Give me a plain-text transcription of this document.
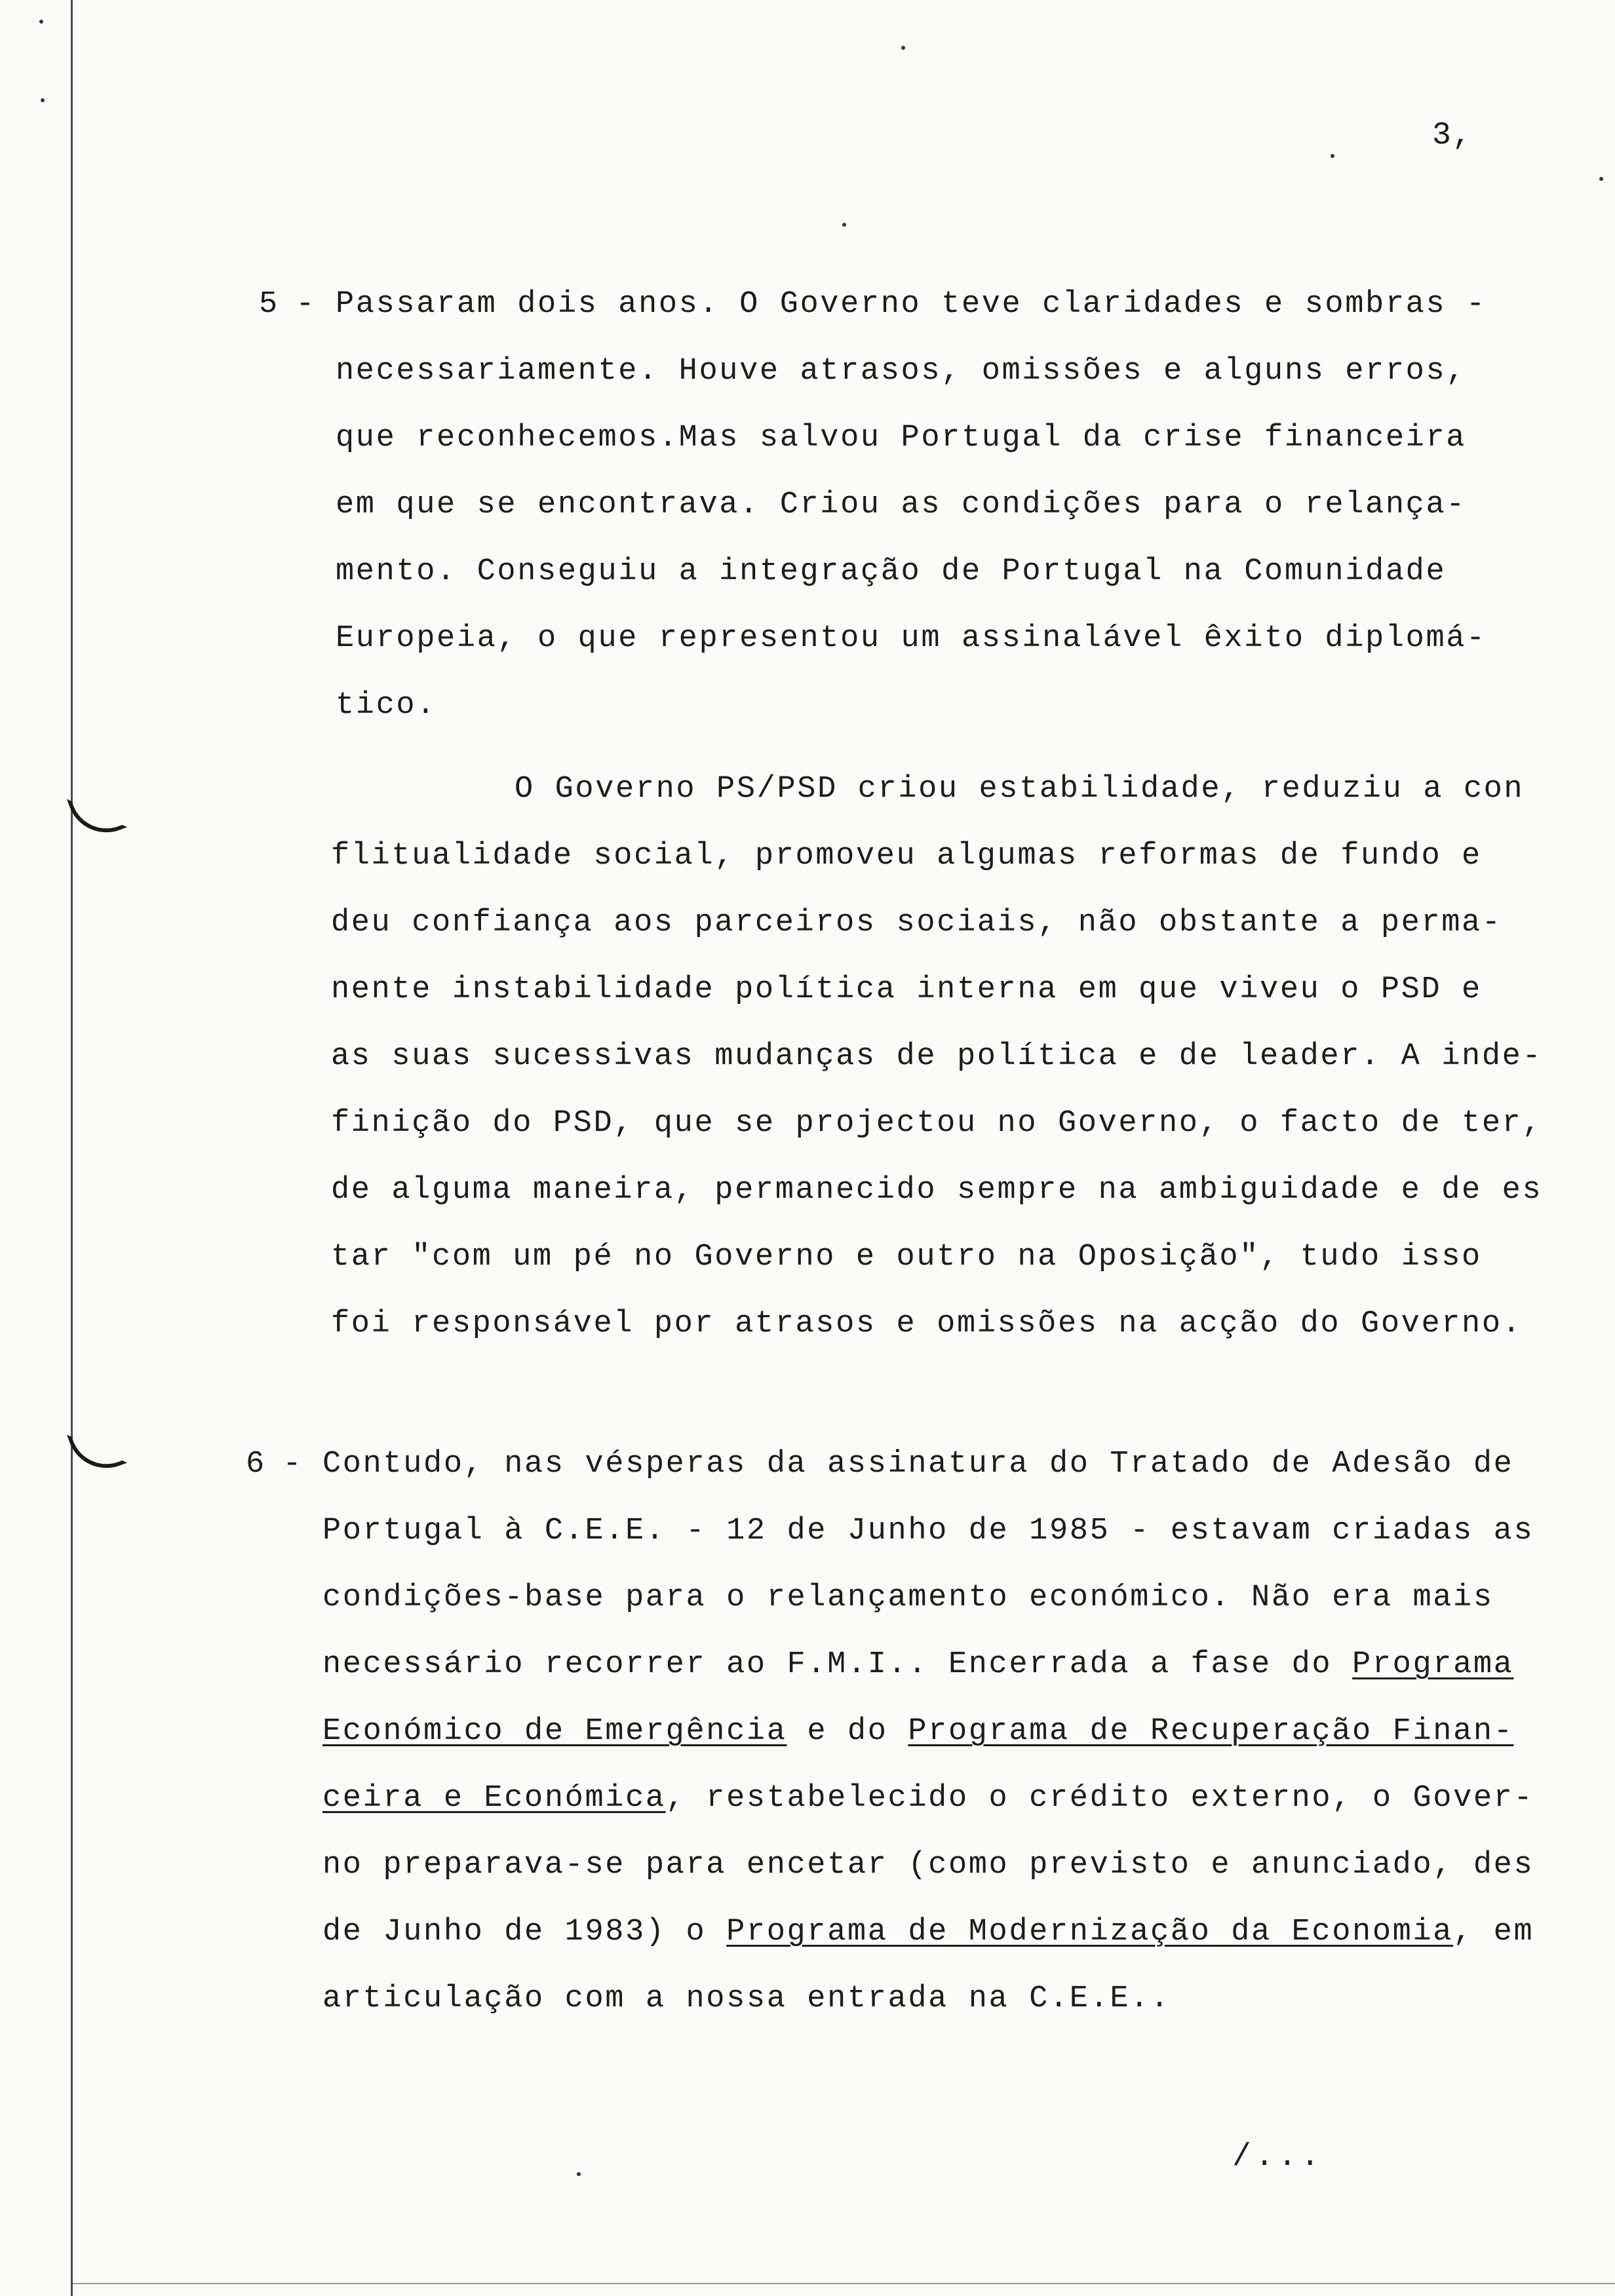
3,
5 - Passaram dois anos. O Governo teve claridades e sombras -
necessariamente. Houve atrasos, omissões e alguns erros,
que reconhecemos.Mas salvou Portugal da crise financeira
em que se encontrava. Criou as condições para o relança-
mento. Conseguiu a integração de Portugal na Comunidade
Europeia, o que representou um assinalável êxito diplomá-
tico.
O Governo PS/PSD criou estabilidade, reduziu a con
flitualidade social, promoveu algumas reformas de fundo e
deu confiança aos parceiros sociais, não obstante a perma-
nente instabilidade política interna em que viveu o PSD e
as suas sucessivas mudanças de política e de leader. A inde-
finição do PSD, que se projectou no Governo, o facto de ter,
de alguma maneira, permanecido sempre na ambiguidade e de es
tar "com um pé no Governo e outro na Oposição", tudo isso
foi responsável por atrasos e omissões na acção do Governo.
6 - Contudo, nas vésperas da assinatura do Tratado de Adesão de
Portugal à C.E.E. - 12 de Junho de 1985 - estavam criadas as
condições-base para o relançamento económico. Não era mais
necessário recorrer ao F.M.I.. Encerrada a fase do Programa
Económico de Emergência e do Programa de Recuperação Finan-
ceira e Económica, restabelecido o crédito externo, o Gover-
no preparava-se para encetar (como previsto e anunciado, des
de Junho de 1983) o Programa de Modernização da Economia, em
articulação com a nossa entrada na C.E.E..
/...
